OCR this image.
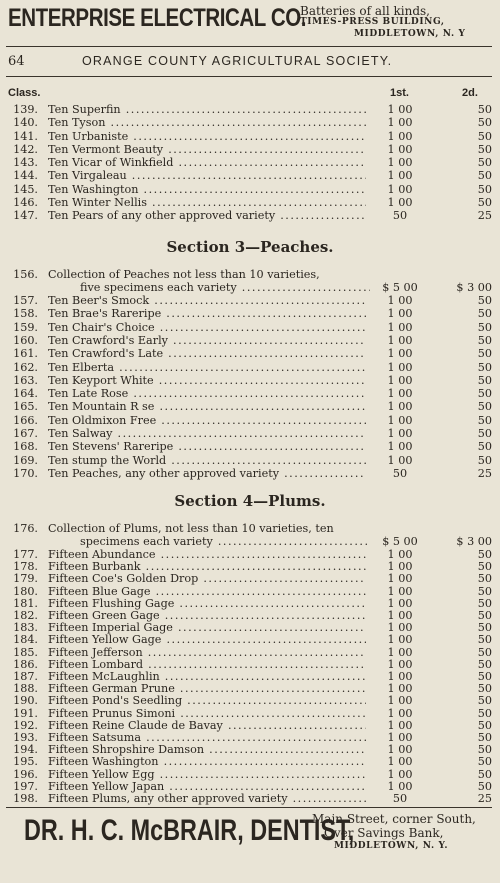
ENTERPRISE ELECTRICAL CO.
Batteries of all kinds,
TIMES-PRESS BUILDING,
MIDDLETOWN, N. Y
64	ORANGE COUNTY AGRICULTURAL SOCIETY.
Class.	1st.	2d.
139. Ten Superfin .....	1 00	50
140. Ten Tyson .....	1 00	50
141. Ten Urbaniste .....	1 00	50
142. Ten Vermont Beauty .....	1 00	50
143. Ten Vicar of Winkfield .....	1 00	50
144. Ten Virgaleau .....	1 00	50
145. Ten Washington .....	1 00	50
146. Ten Winter Nellis .....	1 00	50
147. Ten Pears of any other approved variety .....	50	25
Section 3—Peaches.
156. Collection of Peaches not less than 10 varieties,
five specimens each variety .....	$ 5 00	$ 3 00
157. Ten Beer's Smock .....	1 00	50
158. Ten Brae's Rareripe .....	1 00	50
159. Ten Chair's Choice .....	1 00	50
160. Ten Crawford's Early .....	1 00	50
161. Ten Crawford's Late .....	1 00	50
162. Ten Elberta .....	1 00	50
163. Ten Keyport White .....	1 00	50
164. Ten Late Rose .....	1 00	50
165. Ten Mountain R se .....	1 00	50
166. Ten Oldmixon Free .....	1 00	50
167. Ten Salway .....	1 00	50
168. Ten Stevens' Rareripe .....	1 00	50
169. Ten stump the World .....	1 00	50
170. Ten Peaches, any other approved variety .....	50	25
Section 4—Plums.
176. Collection of Plums, not less than 10 varieties, ten
specimens each variety .....	$ 5 00	$ 3 00
177. Fifteen Abundance .....	1 00	50
178. Fifteen Burbank .....	1 00	50
179. Fifteen Coe's Golden Drop .....	1 00	50
180. Fifteen Blue Gage .....	1 00	50
181. Fifteen Flushing Gage .....	1 00	50
182. Fifteen Green Gage .....	1 00	50
183. Fifteen Imperial Gage .....	1 00	50
184. Fifteen Yellow Gage .....	1 00	50
185. Fifteen Jefferson .....	1 00	50
186. Fifteen Lombard .....	1 00	50
187. Fifteen McLaughlin .....	1 00	50
188. Fifteen German Prune .....	1 00	50
190. Fifteen Pond's Seedling .....	1 00	50
191. Fifteen Prunus Simoni .....	1 00	50
192. Fifteen Reine Claude de Bavay .....	1 00	50
193. Fifteen Satsuma .....	1 00	50
194. Fifteen Shropshire Damson .....	1 00	50
195. Fifteen Washington .....	1 00	50
196. Fifteen Yellow Egg .....	1 00	50
197. Fifteen Yellow Japan .....	1 00	50
198. Fifteen Plums, any other approved variety .....	50	25
DR. H. C. McBRAIR, DENTIST,
Main Street, corner South,
Over Savings Bank,
MIDDLETOWN, N. Y.
